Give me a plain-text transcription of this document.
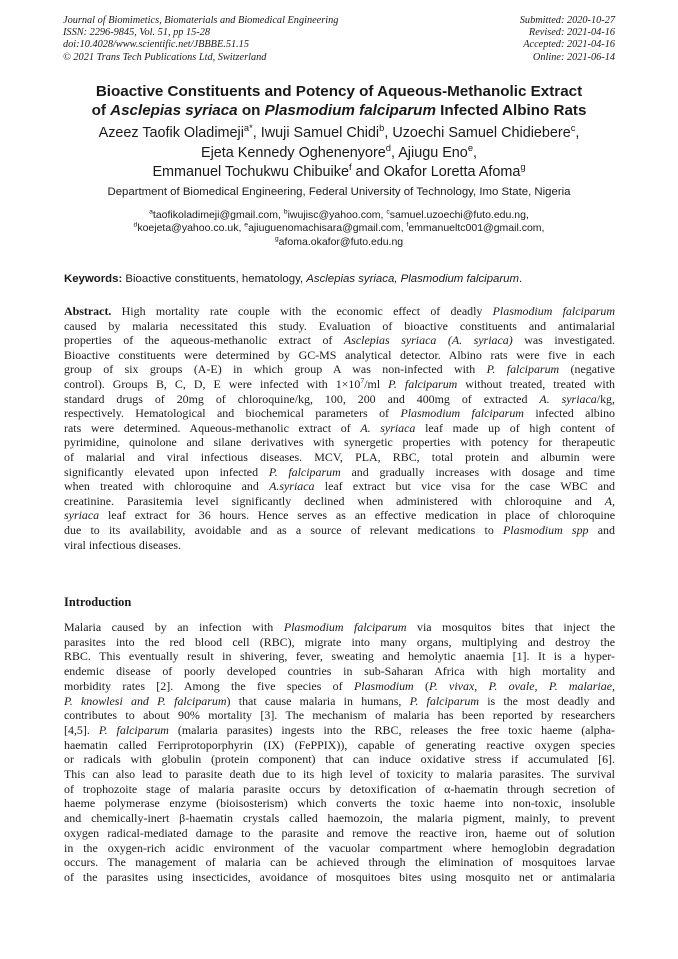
Journal of Biomimetics, Biomaterials and Biomedical Engineering
ISSN: 2296-9845, Vol. 51, pp 15-28
doi:10.4028/www.scientific.net/JBBBE.51.15
© 2021 Trans Tech Publications Ltd, Switzerland
Submitted: 2020-10-27
Revised: 2021-04-16
Accepted: 2021-04-16
Online: 2021-06-14
Bioactive Constituents and Potency of Aqueous-Methanolic Extract
of Asclepias syriaca on Plasmodium falciparum Infected Albino Rats
Azeez Taofik Oladimeji$^{a*}$, Iwuji Samuel Chidi$^b$, Uzoechi Samuel Chidiebere$^c$,
Ejeta Kennedy Oghenenyore$^d$, Ajiugu Eno$^e$,
Emmanuel Tochukwu Chibuike$^f$ and Okafor Loretta Afoma$^g$
Department of Biomedical Engineering, Federal University of Technology, Imo State, Nigeria
$^a$taofikoladimeji@gmail.com, $^b$iwujisc@yahoo.com, $^c$samuel.uzoechi@futo.edu.ng,
$^d$koejeta@yahoo.co.uk, $^e$ajiuguenomachisara@gmail.com, $^f$emmanueltc001@gmail.com,
$^g$afoma.okafor@futo.edu.ng
Keywords: Bioactive constituents, hematology, Asclepias syriaca, Plasmodium falciparum.
Abstract. High mortality rate couple with the economic effect of deadly Plasmodium falciparum
caused by malaria necessitated this study. Evaluation of bioactive constituents and antimalarial
properties of the aqueous-methanolic extract of Asclepias syriaca (A. syriaca) was investigated.
Bioactive constituents were determined by GC-MS analytical detector. Albino rats were five in each
group of six groups (A-E) in which group A was non-infected with P. falciparum (negative
control). Groups B, C, D, E were infected with $1\times 10^7/ml$ P. falciparum without treated, treated with
standard drugs of 20mg of chloroquine/kg, 100, 200 and 400mg of extracted A. syriaca/kg,
respectively. Hematological and biochemical parameters of Plasmodium falciparum infected albino
rats were determined. Aqueous-methanolic extract of A. syriaca leaf made up of high content of
pyrimidine, quinolone and silane derivatives with synergetic properties with potency for therapeutic
of malarial and viral infectious diseases. MCV, PLA, RBC, total protein and albumin were
significantly elevated upon infected P. falciparum and gradually increases with dosage and time
when treated with chloroquine and A.syriaca leaf extract but vice visa for the case WBC and
creatinine. Parasitemia level significantly declined when administered with chloroquine and A,
syriaca leaf extract for 36 hours. Hence serves as an effective medication in place of chloroquine
due to its availability, avoidable and as a source of relevant medications to Plasmodium spp and
viral infectious diseases.
Introduction
Malaria caused by an infection with Plasmodium falciparum via mosquitos bites that inject the
parasites into the red blood cell (RBC), migrate into many organs, multiplying and destroy the
RBC. This eventually result in shivering, fever, sweating and hemolytic anaemia [1]. It is a hyper-
endemic disease of poorly developed countries in sub-Saharan Africa with high mortality and
morbidity rates [2]. Among the five species of Plasmodium (P. vivax, P. ovale, P. malariae,
P. knowlesi and P. falciparum) that cause malaria in humans, P. falciparum is the most deadly and
contributes to about 90% mortality [3]. The mechanism of malaria has been reported by researchers
[4,5]. P. falciparum (malaria parasites) ingests into the RBC, releases the free toxic haeme (alpha-
haematin called Ferriprotoporphyrin (IX) (FePPIX)), capable of generating reactive oxygen species
or radicals with globulin (protein component) that can induce oxidative stress if accumulated [6].
This can also lead to parasite death due to its high level of toxicity to malaria parasites. The survival
of trophozoite stage of malaria parasite occurs by detoxification of α-haematin through secretion of
haeme polymerase enzyme (bioisosterism) which converts the toxic haeme into non-toxic, insoluble
and chemically-inert β-haematin crystals called haemozoin, the malaria pigment, mainly, to prevent
oxygen radical-mediated damage to the parasite and remove the reactive iron, haeme out of solution
in the oxygen-rich acidic environment of the vacuolar compartment where hemoglobin degradation
occurs. The management of malaria can be achieved through the elimination of mosquitoes larvae
of the parasites using insecticides, avoidance of mosquitoes bites using mosquito net or antimalaria
